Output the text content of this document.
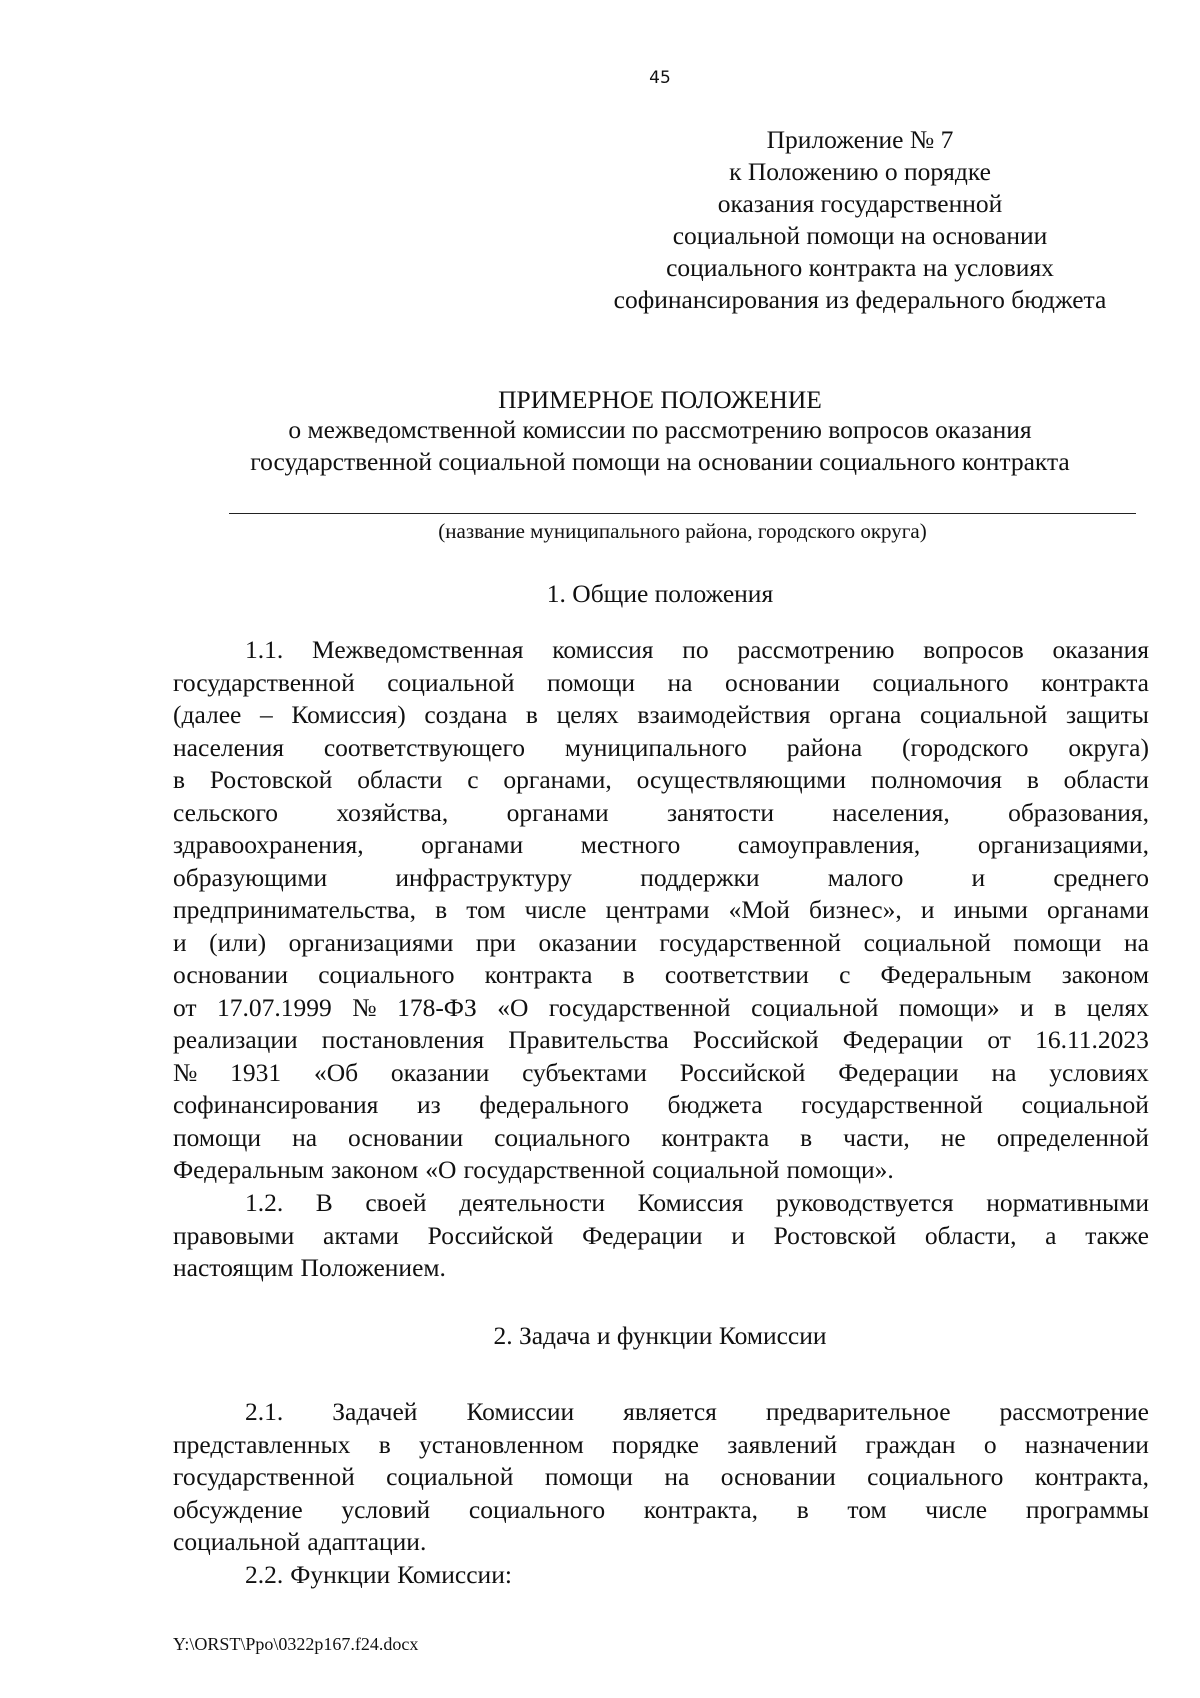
45
Приложение № 7
к Положению о порядке
оказания государственной
социальной помощи на основании
социального контракта на условиях
софинансирования из федерального бюджета
ПРИМЕРНОЕ ПОЛОЖЕНИЕ
о межведомственной комиссии по рассмотрению вопросов оказания
государственной социальной помощи на основании социального контракта
(название муниципального района, городского округа)
1. Общие положения
1.1. Межведомственная комиссия по рассмотрению вопросов оказания
государственной социальной помощи на основании социального контракта
(далее – Комиссия) создана в целях взаимодействия органа социальной защиты
населения соответствующего муниципального района (городского округа)
в Ростовской области с органами, осуществляющими полномочия в области
сельского хозяйства, органами занятости населения, образования,
здравоохранения, органами местного самоуправления, организациями,
образующими	инфраструктуру	поддержки	малого	и	среднего
предпринимательства, в том числе центрами «Мой бизнес», и иными органами
и (или) организациями при оказании государственной социальной помощи на
основании социального контракта в соответствии с Федеральным законом
от 17.07.1999 № 178-ФЗ «О государственной социальной помощи» и в целях
реализации постановления Правительства Российской Федерации от 16.11.2023
№ 1931 «Об оказании субъектами Российской Федерации на условиях
софинансирования из федерального бюджета государственной социальной
помощи на основании социального контракта в части, не определенной
Федеральным законом «О государственной социальной помощи».
1.2. В своей деятельности Комиссия руководствуется нормативными
правовыми актами Российской Федерации и Ростовской области, а также
настоящим Положением.
2. Задача и функции Комиссии
2.1. Задачей Комиссии является предварительное рассмотрение
представленных в установленном порядке заявлений граждан о назначении
государственной социальной помощи на основании социального контракта,
обсуждение условий социального контракта, в том числе программы
социальной адаптации.
2.2. Функции Комиссии:
Y:\ORST\Ppo\0322p167.f24.docx
